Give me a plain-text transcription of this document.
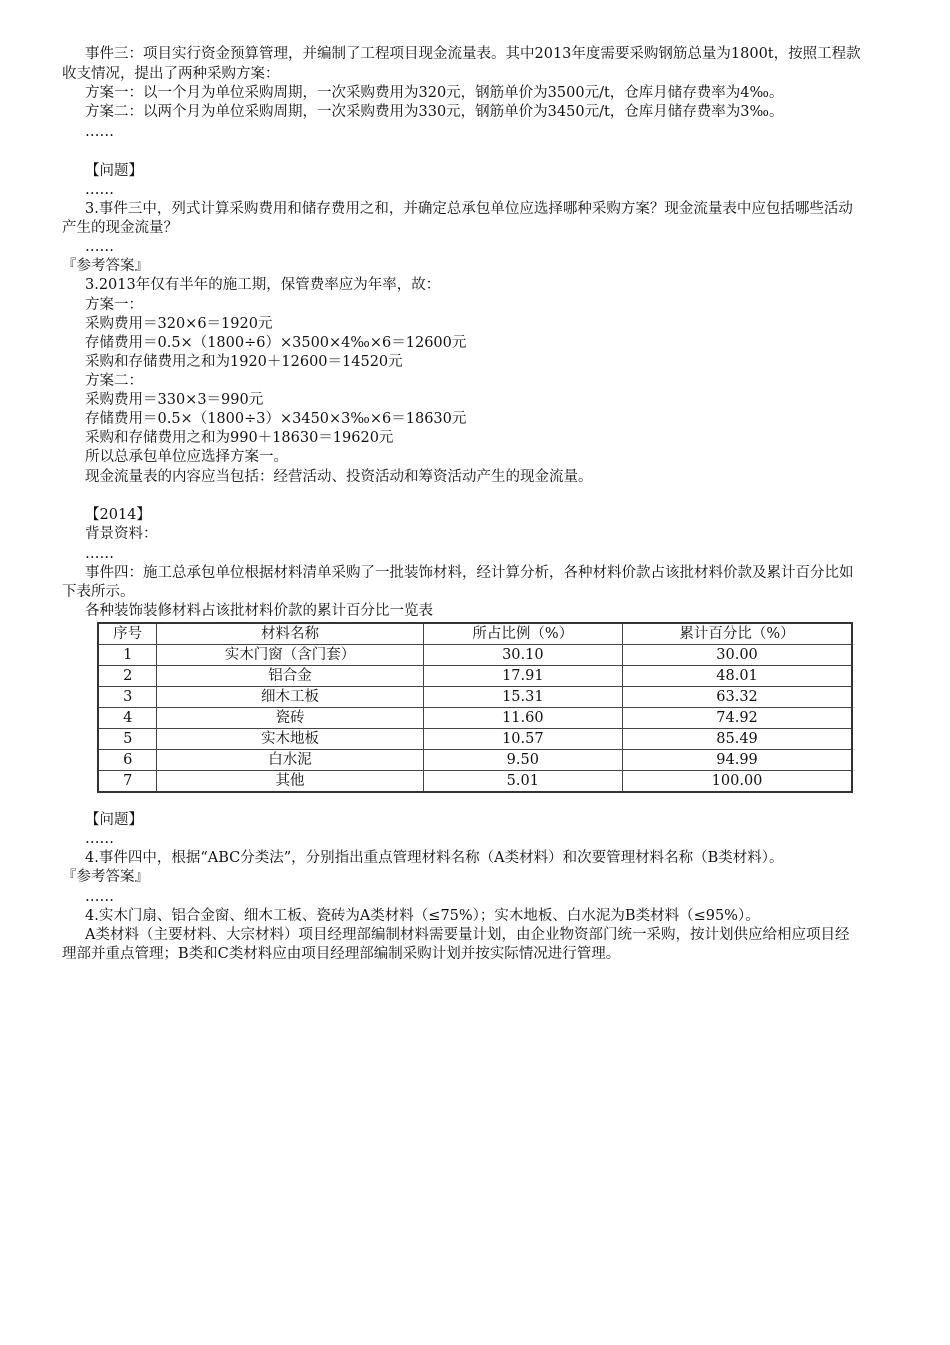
事件三：项目实行资金预算管理，并编制了工程项目现金流量表。其中2013年度需要采购钢筋总量为1800t，按照工程款
收支情况，提出了两种采购方案：
方案一：以一个月为单位采购周期，一次采购费用为320元，钢筋单价为3500元/t，仓库月储存费率为4‰。
方案二：以两个月为单位采购周期，一次采购费用为330元，钢筋单价为3450元/t，仓库月储存费率为3‰。
……
【问题】
……
3.事件三中，列式计算采购费用和储存费用之和，并确定总承包单位应选择哪种采购方案？现金流量表中应包括哪些活动
产生的现金流量？
……
『参考答案』
3.2013年仅有半年的施工期，保管费率应为年率，故：
方案一：
采购费用＝320×6＝1920元
存储费用＝0.5×（1800÷6）×3500×4‰×6＝12600元
采购和存储费用之和为1920＋12600＝14520元
方案二：
采购费用＝330×3＝990元
存储费用＝0.5×（1800÷3）×3450×3‰×6＝18630元
采购和存储费用之和为990＋18630＝19620元
所以总承包单位应选择方案一。
现金流量表的内容应当包括：经营活动、投资活动和筹资活动产生的现金流量。
【2014】
背景资料：
……
事件四：施工总承包单位根据材料清单采购了一批装饰材料，经计算分析，各种材料价款占该批材料价款及累计百分比如
下表所示。
各种装饰装修材料占该批材料价款的累计百分比一览表
序号	材料名称	所占比例（%）	累计百分比（%）
1	实木门窗（含门套）	30.10	30.00
2	铝合金	17.91	48.01
3	细木工板	15.31	63.32
4	瓷砖	11.60	74.92
5	实木地板	10.57	85.49
6	白水泥	9.50	94.99
7	其他	5.01	100.00
【问题】
……
4.事件四中，根据“ABC分类法”，分别指出重点管理材料名称（A类材料）和次要管理材料名称（B类材料）。
『参考答案』
……
4.实木门扇、铝合金窗、细木工板、瓷砖为A类材料（≤75%）；实木地板、白水泥为B类材料（≤95%）。
A类材料（主要材料、大宗材料）项目经理部编制材料需要量计划，由企业物资部门统一采购，按计划供应给相应项目经
理部并重点管理；B类和C类材料应由项目经理部编制采购计划并按实际情况进行管理。
